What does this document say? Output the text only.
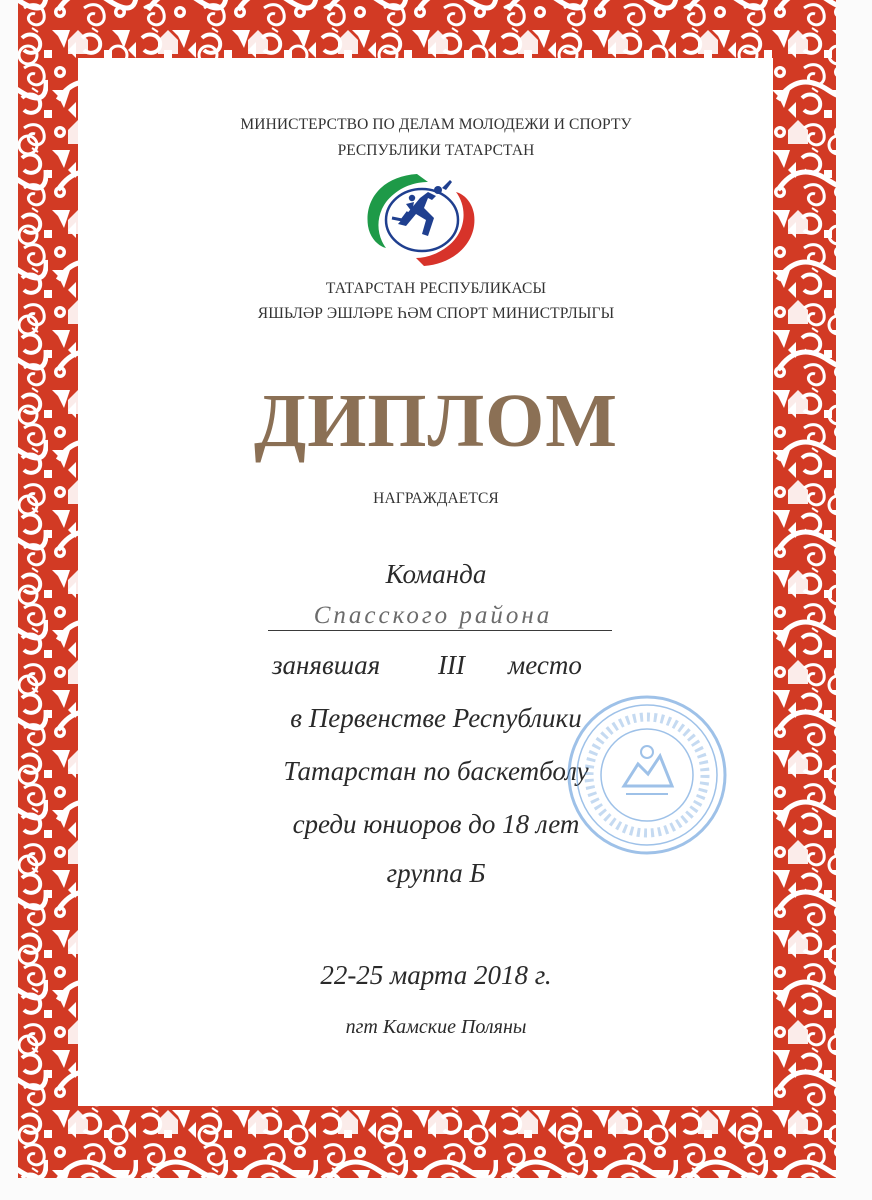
МИНИСТЕРСТВО ПО ДЕЛАМ МОЛОДЕЖИ И СПОРТУ
РЕСПУБЛИКИ ТАТАРСТАН
ТАТАРСТАН РЕСПУБЛИКАСЫ
ЯШЬЛӘР ЭШЛӘРЕ ҺӘМ СПОРТ МИНИСТРЛЫГЫ
ДИПЛОМ
НАГРАЖДАЕТСЯ
Команда
Спасского района
занявшая III место
в Первенстве Республики
Татарстан по баскетболу
среди юниоров до 18 лет
группа Б
22-25 марта 2018 г.
пгт Камские Поляны
